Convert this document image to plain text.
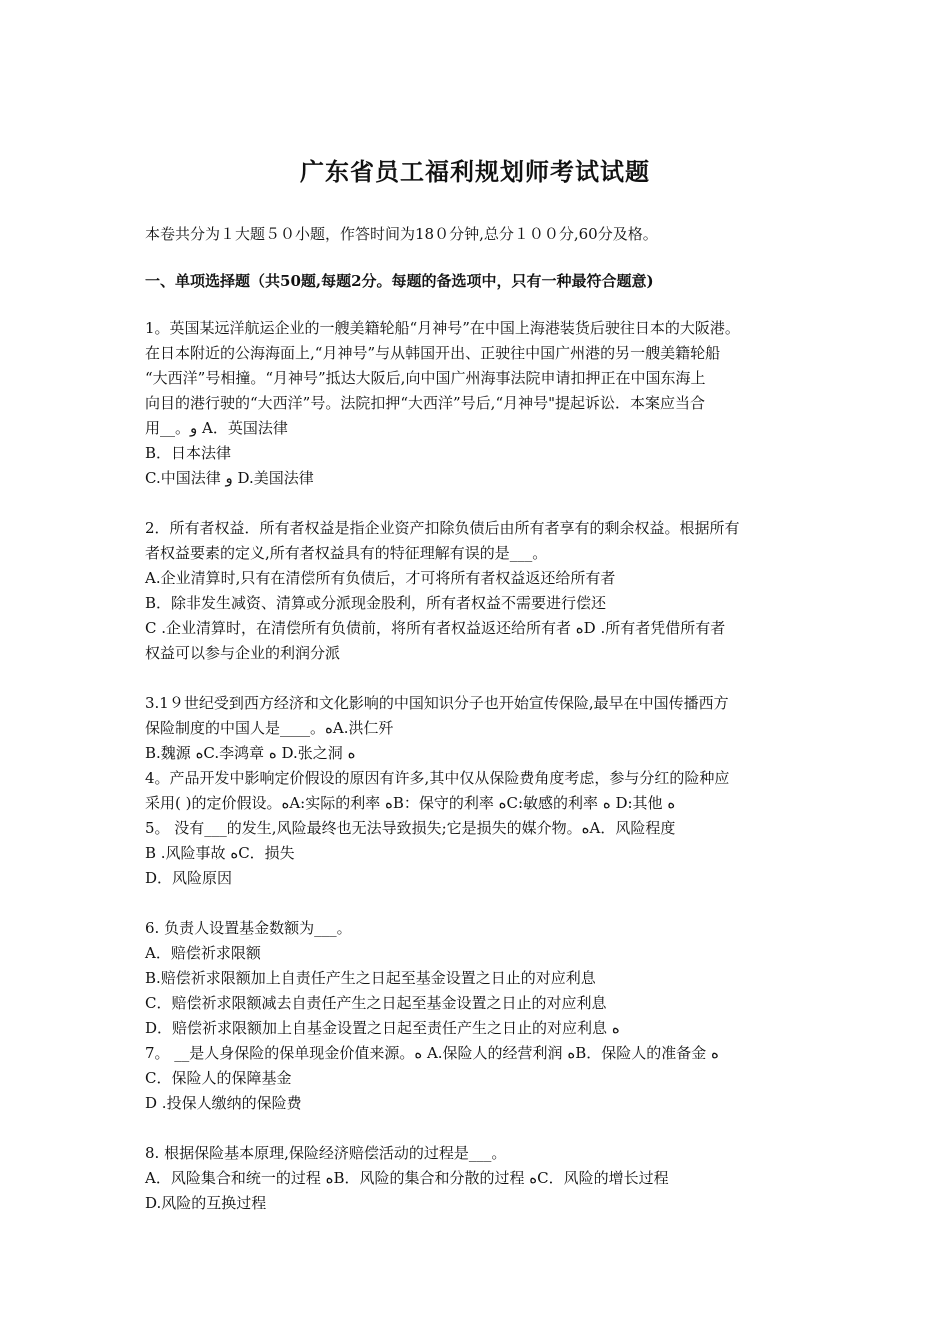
广东省员工福利规划师考试试题
本卷共分为１大题５０小题，作答时间为18０分钟,总分１００分,60分及格。
一、单项选择题（共50题,每题2分。每题的备选项中，只有一种最符合题意)
1。英国某远洋航运企业的一艘美籍轮船“月神号”在中国上海港装货后驶往日本的大阪港。
在日本附近的公海海面上,“月神号”与从韩国开出、正驶往中国广州港的另一艘美籍轮船
“大西洋”号相撞。“月神号”抵达大阪后,向中国广州海事法院申请扣押正在中国东海上
向目的港行驶的“大西洋”号。法院扣押“大西洋”号后,“月神号"提起诉讼．本案应当合
用__。و A．英国法律
B．日本法律
C.中国法律 و D.美国法律
2．所有者权益．所有者权益是指企业资产扣除负债后由所有者享有的剩余权益。根据所有
者权益要素的定义,所有者权益具有的特征理解有误的是___。
A.企业清算时,只有在清偿所有负债后，才可将所有者权益返还给所有者
B．除非发生减资、清算或分派现金股利，所有者权益不需要进行偿还
C .企业清算时，在清偿所有负债前，将所有者权益返还给所有者 ﻩD .所有者凭借所有者
权益可以参与企业的利润分派
3.1９世纪受到西方经济和文化影响的中国知识分子也开始宣传保险,最早在中国传播西方
保险制度的中国人是____。ﻩA.洪仁歼
B.魏源 ﻩC.李鸿章 ﻩ D.张之洞 ﻩ
4。产品开发中影响定价假设的原因有许多,其中仅从保险费角度考虑，参与分红的险种应
采用( )的定价假设。ﻩA:实际的利率 ﻩB：保守的利率 ﻩC:敏感的利率 ﻩ D:其他 ﻩ
5。 没有___的发生,风险最终也无法导致损失;它是损失的媒介物。ﻩA．风险程度
B .风险事故 ﻩC．损失
D．风险原因
6. 负责人设置基金数额为___。
A．赔偿祈求限额
B.赔偿祈求限额加上自责任产生之日起至基金设置之日止的对应利息
C．赔偿祈求限额减去自责任产生之日起至基金设置之日止的对应利息
D．赔偿祈求限额加上自基金设置之日起至责任产生之日止的对应利息 ﻩ
7。 __是人身保险的保单现金价值来源。ﻩ A.保险人的经营利润 ﻩB．保险人的准备金 ﻩ
C．保险人的保障基金
D .投保人缴纳的保险费
8. 根据保险基本原理,保险经济赔偿活动的过程是___。
A．风险集合和统一的过程 ﻩB．风险的集合和分散的过程 ﻩC．风险的增长过程
D.风险的互换过程
